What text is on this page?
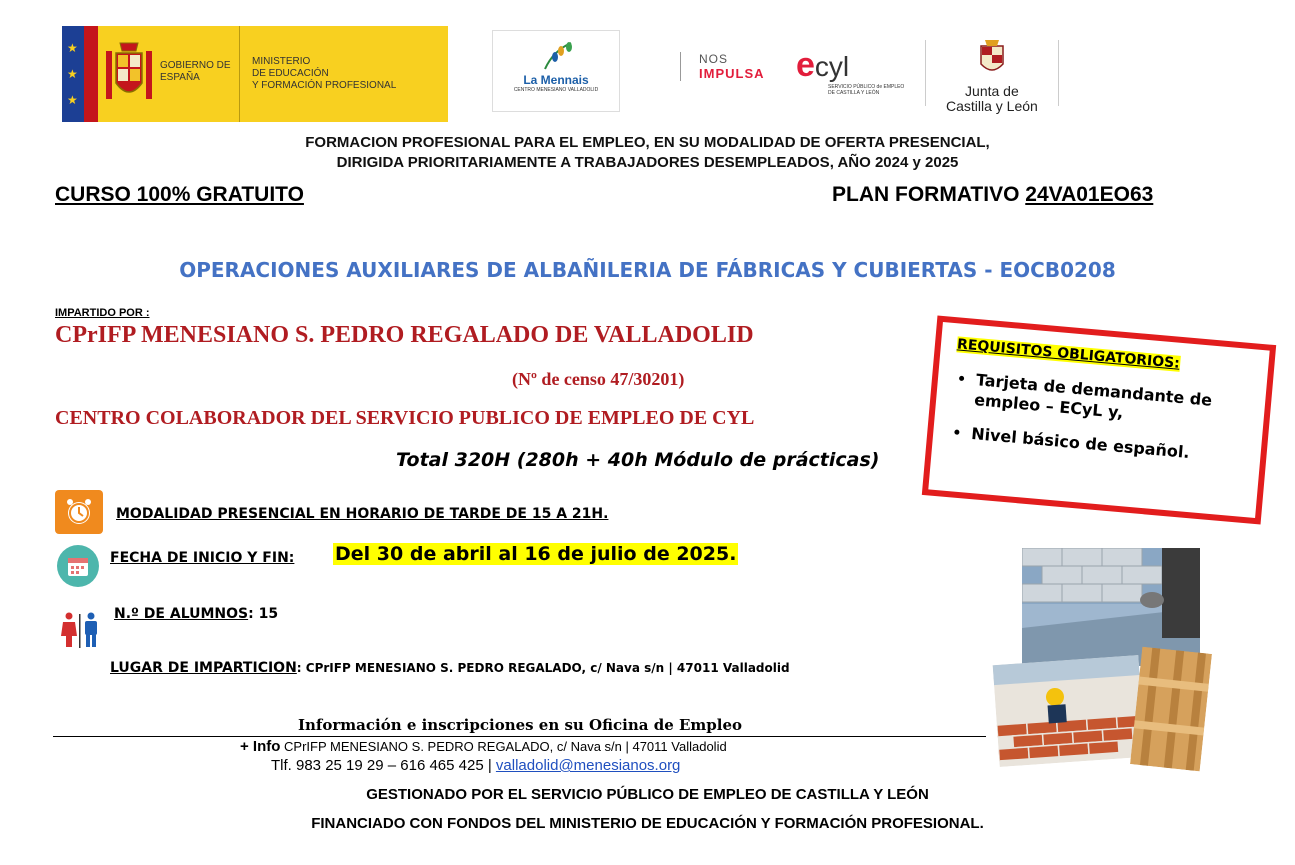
★
★
★
GOBIERNO DE ESPAÑA
MINISTERIO
DE EDUCACIÓN
Y FORMACIÓN PROFESIONAL	La Mennais
CENTRO MENESIANO VALLADOLID
NOS
IMPULSA ecyl
SERVICIO PÚBLICO de EMPLEO
DE CASTILLA Y LEÓN	Junta de
Castilla y León
FORMACION PROFESIONAL PARA EL EMPLEO, EN SU MODALIDAD DE OFERTA PRESENCIAL,
DIRIGIDA PRIORITARIAMENTE A TRABAJADORES DESEMPLEADOS, AÑO 2024 y 2025
CURSO 100% GRATUITO	PLAN FORMATIVO 24VA01EO63
OPERACIONES AUXILIARES DE ALBAÑILERIA DE FÁBRICAS Y CUBIERTAS - EOCB0208
IMPARTIDO POR :
CPrIFP MENESIANO S. PEDRO REGALADO DE VALLADOLID
(Nº de censo 47/30201)
CENTRO COLABORADOR DEL SERVICIO PUBLICO DE EMPLEO DE CYL
Total 320H (280h + 40h Módulo de prácticas)
REQUISITOS OBLIGATORIOS:
• Tarjeta de demandante de empleo – ECyL y,
• Nivel básico de español.
MODALIDAD PRESENCIAL EN HORARIO DE TARDE DE 15 A 21H.
FECHA DE INICIO Y FIN: Del 30 de abril al 16 de julio de 2025.
N.º DE ALUMNOS: 15
LUGAR DE IMPARTICION: CPrIFP MENESIANO S. PEDRO REGALADO, c/ Nava s/n | 47011 Valladolid
Información e inscripciones en su Oficina de Empleo
+ Info CPrIFP MENESIANO S. PEDRO REGALADO, c/ Nava s/n | 47011 Valladolid
Tlf. 983 25 19 29 – 616 465 425 | valladolid@menesianos.org
GESTIONADO POR EL SERVICIO PÚBLICO DE EMPLEO DE CASTILLA Y LEÓN
FINANCIADO CON FONDOS DEL MINISTERIO DE EDUCACIÓN Y FORMACIÓN PROFESIONAL.
